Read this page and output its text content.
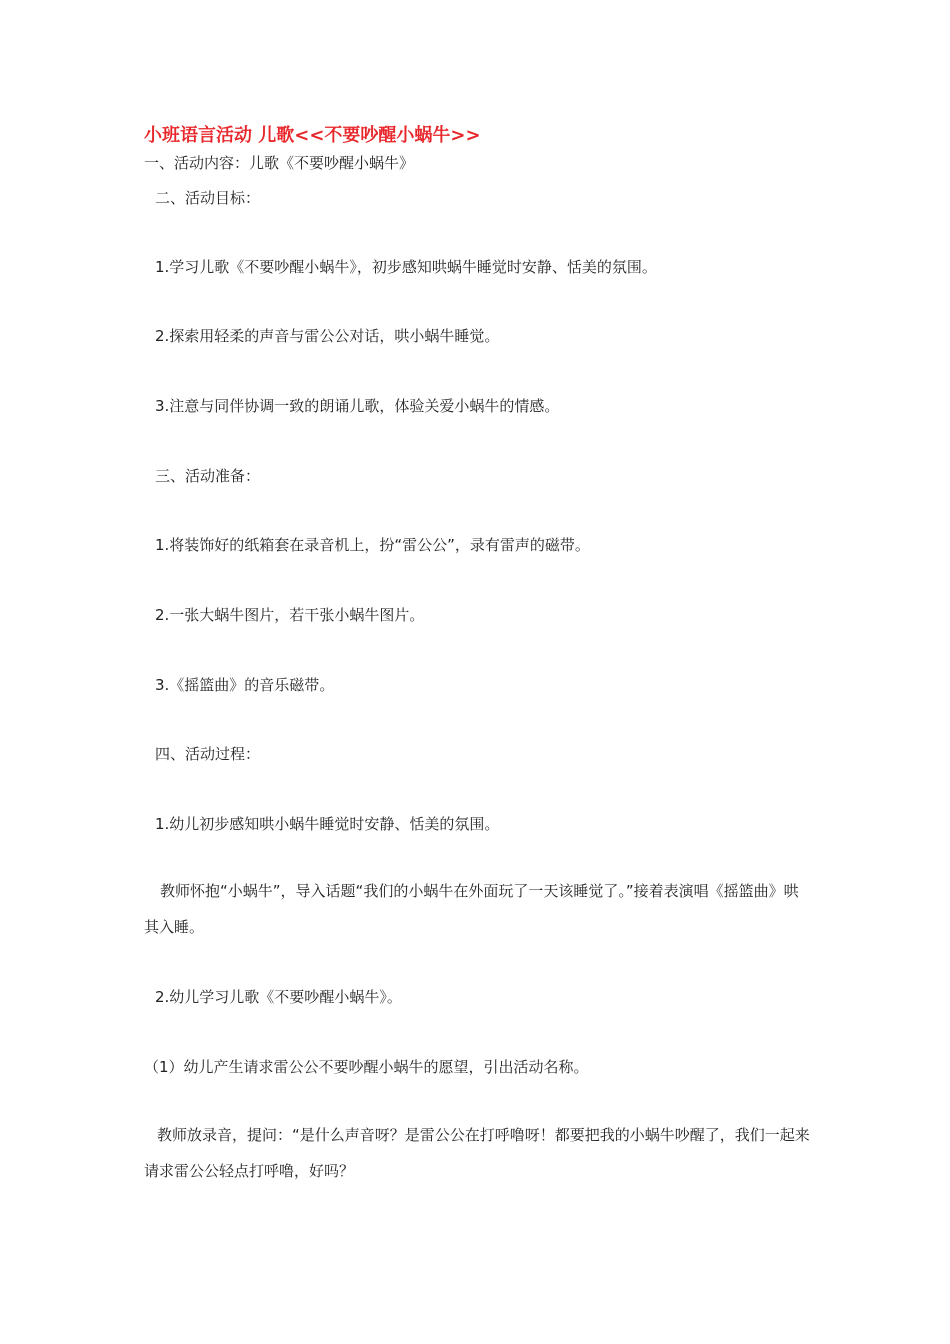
小班语言活动 儿歌<<不要吵醒小蜗牛>>
一、活动内容：儿歌《不要吵醒小蜗牛》
二、活动目标：
1.学习儿歌《不要吵醒小蜗牛》，初步感知哄蜗牛睡觉时安静、恬美的氛围。
2.探索用轻柔的声音与雷公公对话，哄小蜗牛睡觉。
3.注意与同伴协调一致的朗诵儿歌，体验关爱小蜗牛的情感。
三、活动准备：
1.将装饰好的纸箱套在录音机上，扮“雷公公”，录有雷声的磁带。
2.一张大蜗牛图片，若干张小蜗牛图片。
3.《摇篮曲》的音乐磁带。
四、活动过程：
1.幼儿初步感知哄小蜗牛睡觉时安静、恬美的氛围。
教师怀抱“小蜗牛”，导入话题“我们的小蜗牛在外面玩了一天该睡觉了。”接着表演唱《摇篮曲》哄其入睡。
2.幼儿学习儿歌《不要吵醒小蜗牛》。
（1）幼儿产生请求雷公公不要吵醒小蜗牛的愿望，引出活动名称。
教师放录音，提问：“是什么声音呀？是雷公公在打呼噜呀！都要把我的小蜗牛吵醒了，我们一起来请求雷公公轻点打呼噜，好吗？
